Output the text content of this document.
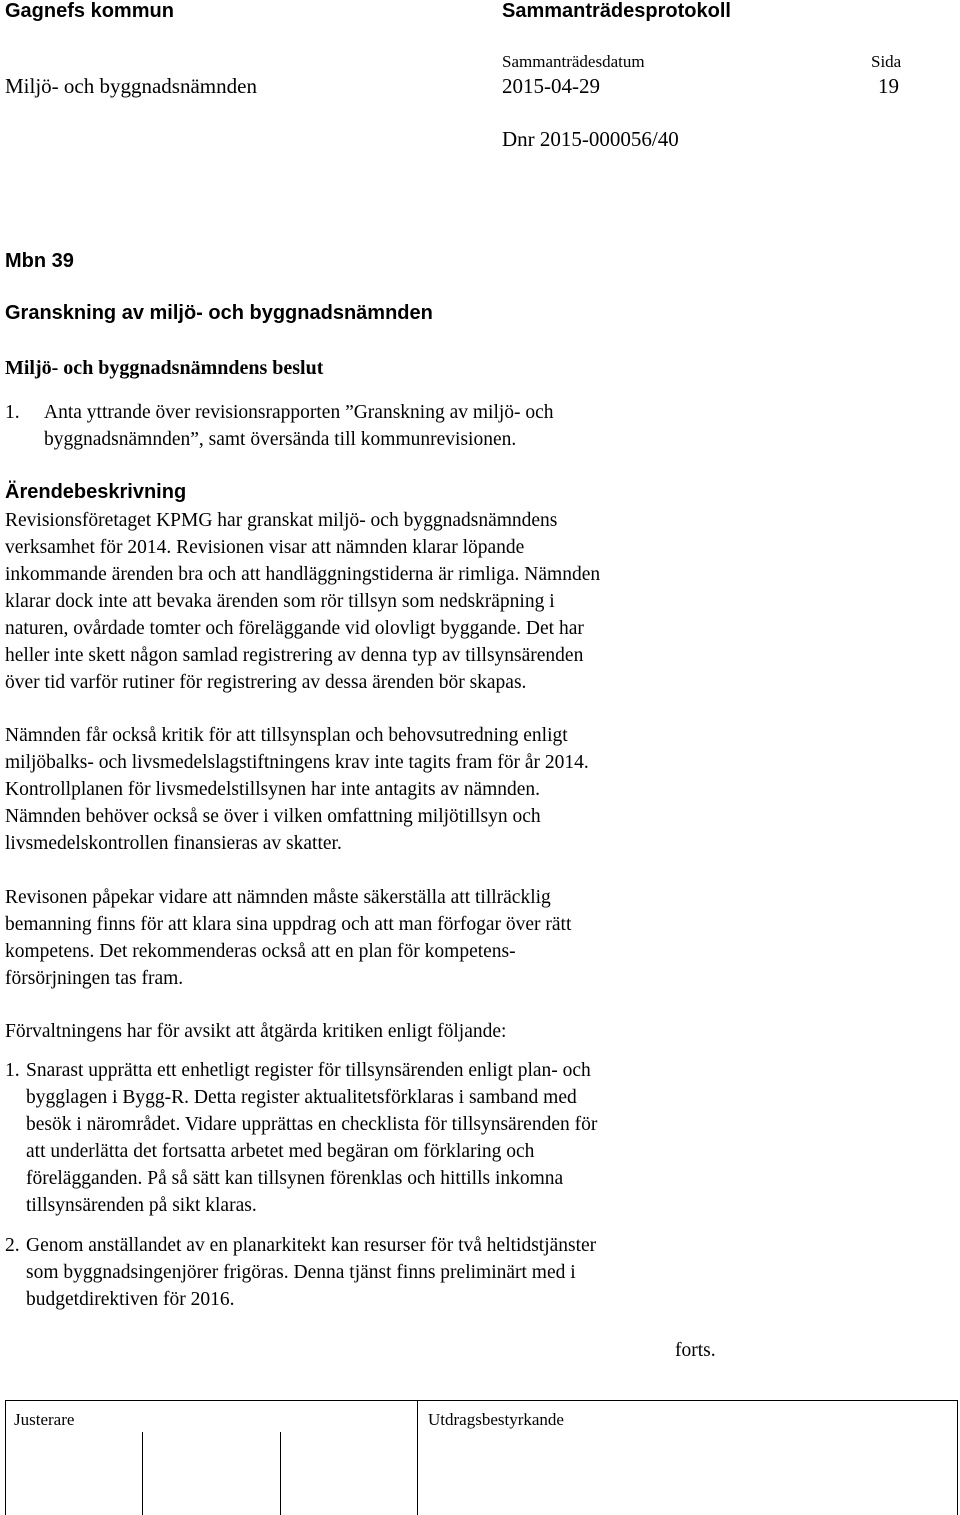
Gagnefs kommun	Sammanträdesprotokoll
Sammanträdesdatum	Sida
Miljö- och byggnadsnämnden	2015-04-29	19
Dnr 2015-000056/40
Mbn 39
Granskning av miljö- och byggnadsnämnden
Miljö- och byggnadsnämndens beslut
1. Anta yttrande över revisionsrapporten ”Granskning av miljö- och
byggnadsnämnden”, samt översända till kommunrevisionen.
Ärendebeskrivning
Revisionsföretaget KPMG har granskat miljö- och byggnadsnämndens
verksamhet för 2014. Revisionen visar att nämnden klarar löpande
inkommande ärenden bra och att handläggningstiderna är rimliga. Nämnden
klarar dock inte att bevaka ärenden som rör tillsyn som nedskräpning i
naturen, ovårdade tomter och föreläggande vid olovligt byggande. Det har
heller inte skett någon samlad registrering av denna typ av tillsynsärenden
över tid varför rutiner för registrering av dessa ärenden bör skapas.
Nämnden får också kritik för att tillsynsplan och behovsutredning enligt
miljöbalks- och livsmedelslagstiftningens krav inte tagits fram för år 2014.
Kontrollplanen för livsmedelstillsynen har inte antagits av nämnden.
Nämnden behöver också se över i vilken omfattning miljötillsyn och
livsmedelskontrollen finansieras av skatter.
Revisonen påpekar vidare att nämnden måste säkerställa att tillräcklig
bemanning finns för att klara sina uppdrag och att man förfogar över rätt
kompetens. Det rekommenderas också att en plan för kompetens-
försörjningen tas fram.
Förvaltningens har för avsikt att åtgärda kritiken enligt följande:
1. Snarast upprätta ett enhetligt register för tillsynsärenden enligt plan- och
bygglagen i Bygg-R. Detta register aktualitetsförklaras i samband med
besök i närområdet. Vidare upprättas en checklista för tillsynsärenden för
att underlätta det fortsatta arbetet med begäran om förklaring och
förelägganden. På så sätt kan tillsynen förenklas och hittills inkomna
tillsynsärenden på sikt klaras.
2. Genom anställandet av en planarkitekt kan resurser för två heltidstjänster
som byggnadsingenjörer frigöras. Denna tjänst finns preliminärt med i
budgetdirektiven för 2016.
forts.
Justerare	Utdragsbestyrkande
